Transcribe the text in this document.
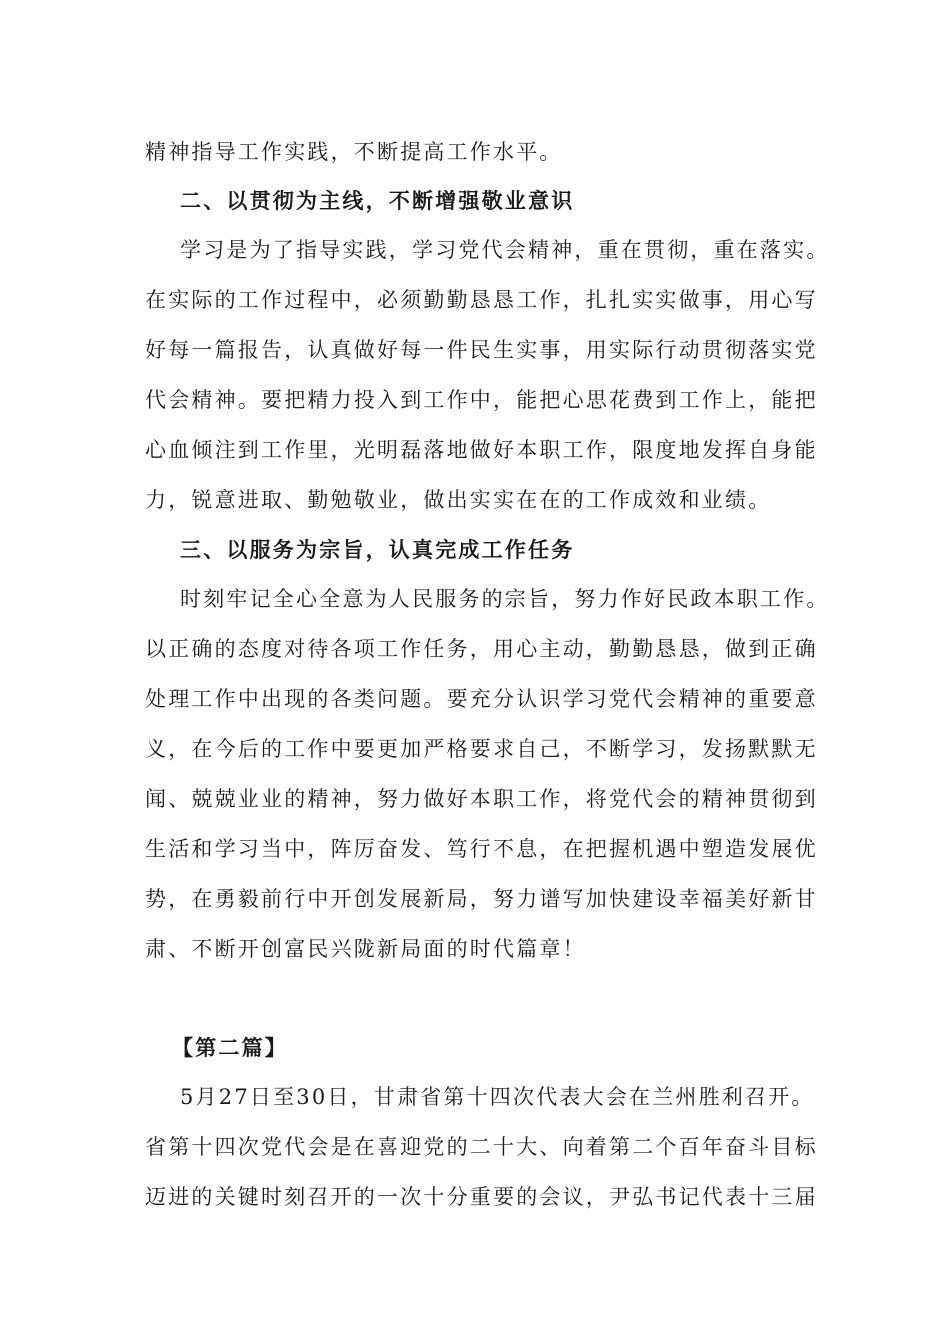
精神指导工作实践，不断提高工作水平。
二、以贯彻为主线，不断增强敬业意识
学习是为了指导实践，学习党代会精神，重在贯彻，重在落实。
在实际的工作过程中，必须勤勤恳恳工作，扎扎实实做事，用心写
好每一篇报告，认真做好每一件民生实事，用实际行动贯彻落实党
代会精神。要把精力投入到工作中，能把心思花费到工作上，能把
心血倾注到工作里，光明磊落地做好本职工作，限度地发挥自身能
力，锐意进取、勤勉敬业，做出实实在在的工作成效和业绩。
三、以服务为宗旨，认真完成工作任务
时刻牢记全心全意为人民服务的宗旨，努力作好民政本职工作。
以正确的态度对待各项工作任务，用心主动，勤勤恳恳，做到正确
处理工作中出现的各类问题。要充分认识学习党代会精神的重要意
义，在今后的工作中要更加严格要求自己，不断学习，发扬默默无
闻、兢兢业业的精神，努力做好本职工作，将党代会的精神贯彻到
生活和学习当中，阵厉奋发、笃行不息，在把握机遇中塑造发展优
势，在勇毅前行中开创发展新局，努力谱写加快建设幸福美好新甘
肃、不断开创富民兴陇新局面的时代篇章！
【第二篇】
5月27日至30日，甘肃省第十四次代表大会在兰州胜利召开。
省第十四次党代会是在喜迎党的二十大、向着第二个百年奋斗目标
迈进的关键时刻召开的一次十分重要的会议，尹弘书记代表十三届
